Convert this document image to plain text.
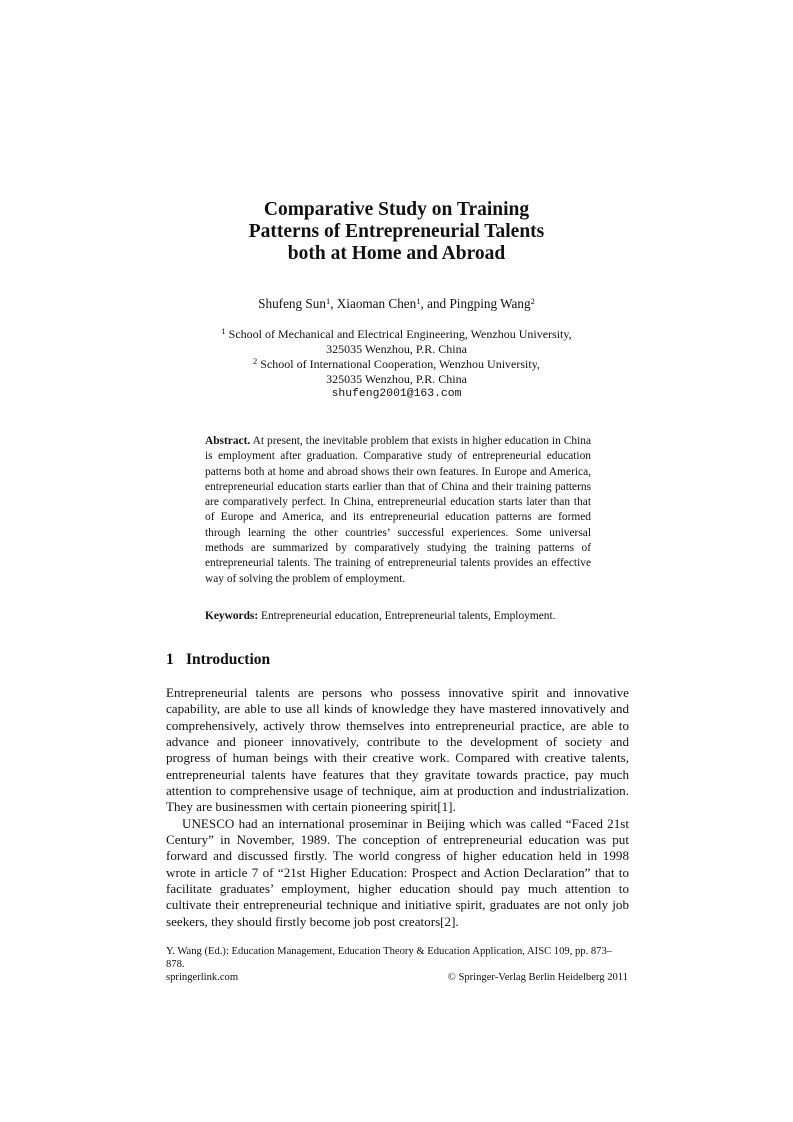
Comparative Study on Training
Patterns of Entrepreneurial Talents
both at Home and Abroad
Shufeng Sun$^1$, Xiaoman Chen$^1$, and Pingping Wang$^2$
$^1$ School of Mechanical and Electrical Engineering, Wenzhou University,
325035 Wenzhou, P.R. China
$^2$ School of International Cooperation, Wenzhou University,
325035 Wenzhou, P.R. China
shufeng2001@163.com
Abstract. At present, the inevitable problem that exists in higher education in China is employment after graduation. Comparative study of entrepreneurial education patterns both at home and abroad shows their own features. In Europe and America, entrepreneurial education starts earlier than that of China and their training patterns are comparatively perfect. In China, entrepreneurial education starts later than that of Europe and America, and its entrepreneurial education patterns are formed through learning the other countries’ successful experiences. Some universal methods are summarized by comparatively studying the training patterns of entrepreneurial talents. The training of entrepreneurial talents provides an effective way of solving the problem of employment.
Keywords: Entrepreneurial education, Entrepreneurial talents, Employment.
1 Introduction

Entrepreneurial talents are persons who possess innovative spirit and innovative capability, are able to use all kinds of knowledge they have mastered innovatively and comprehensively, actively throw themselves into entrepreneurial practice, are able to advance and pioneer innovatively, contribute to the development of society and progress of human beings with their creative work. Compared with creative talents, entrepreneurial talents have features that they gravitate towards practice, pay much attention to comprehensive usage of technique, aim at production and industrialization. They are businessmen with certain pioneering spirit[1].

UNESCO had an international proseminar in Beijing which was called “Faced 21st Century” in November, 1989. The conception of entrepreneurial education was put forward and discussed firstly. The world congress of higher education held in 1998 wrote in article 7 of “21st Higher Education: Prospect and Action Declaration” that to facilitate graduates’ employment, higher education should pay much attention to cultivate their entrepreneurial technique and initiative spirit, graduates are not only job seekers, they should firstly become job post creators[2].

Y. Wang (Ed.): Education Management, Education Theory & Education Application, AISC 109, pp. 873–878.
springerlink.com	© Springer-Verlag Berlin Heidelberg 2011
